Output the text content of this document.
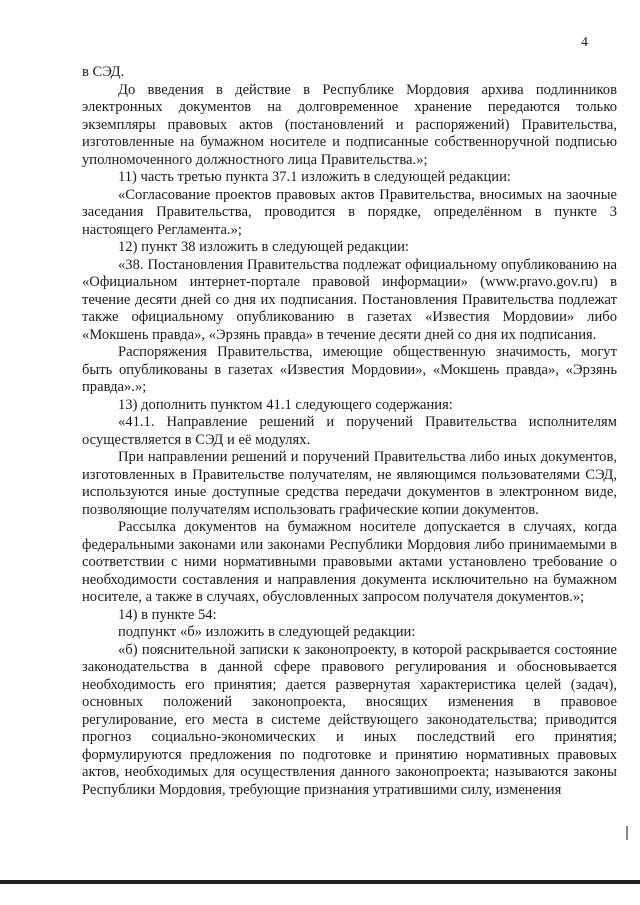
4

в СЭД.

До введения в действие в Республике Мордовия архива подлинников электронных документов на долговременное хранение передаются только экземпляры правовых актов (постановлений и распоряжений) Правительства, изготовленные на бумажном носителе и подписанные собственноручной подписью уполномоченного должностного лица Правительства.»;

11) часть третью пункта 37.1 изложить в следующей редакции:

«Согласование проектов правовых актов Правительства, вносимых на заочные заседания Правительства, проводится в порядке, определённом в пункте 3 настоящего Регламента.»;

12) пункт 38 изложить в следующей редакции:

«38. Постановления Правительства подлежат официальному опубликованию на «Официальном интернет-портале правовой информации» (www.pravo.gov.ru) в течение десяти дней со дня их подписания. Постановления Правительства подлежат также официальному опубликованию в газетах «Известия Мордовии» либо «Мокшень правда», «Эрзянь правда» в течение десяти дней со дня их подписания.

Распоряжения Правительства, имеющие общественную значимость, могут быть опубликованы в газетах «Известия Мордовии», «Мокшень правда», «Эрзянь правда».»;

13) дополнить пунктом 41.1 следующего содержания:

«41.1. Направление решений и поручений Правительства исполнителям осуществляется в СЭД и её модулях.

При направлении решений и поручений Правительства либо иных документов, изготовленных в Правительстве получателям, не являющимся пользователями СЭД, используются иные доступные средства передачи документов в электронном виде, позволяющие получателям использовать графические копии документов.

Рассылка документов на бумажном носителе допускается в случаях, когда федеральными законами или законами Республики Мордовия либо принимаемыми в соответствии с ними нормативными правовыми актами установлено требование о необходимости составления и направления документа исключительно на бумажном носителе, а также в случаях, обусловленных запросом получателя документов.»;

14) в пункте 54:

подпункт «б» изложить в следующей редакции:

«б) пояснительной записки к законопроекту, в которой раскрывается состояние законодательства в данной сфере правового регулирования и обосновывается необходимость его принятия; дается развернутая характеристика целей (задач), основных положений законопроекта, вносящих изменения в правовое регулирование, его места в системе действующего законодательства; приводится прогноз социально-экономических и иных последствий его принятия; формулируются предложения по подготовке и принятию нормативных правовых актов, необходимых для осуществления данного законопроекта; называются законы Республики Мордовия, требующие признания утратившими силу, изменения
